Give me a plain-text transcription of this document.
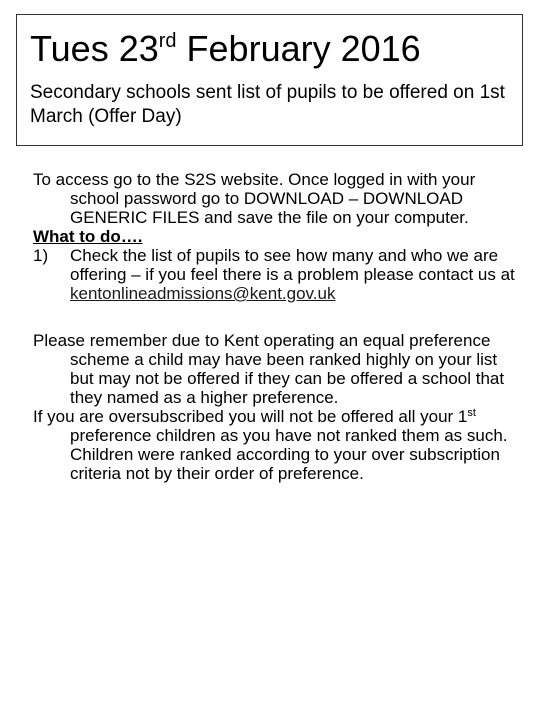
Tues 23rd February 2016
Secondary schools sent list of pupils to be offered on 1st March (Offer Day)

To access go to the S2S website. Once logged in with your school password go to DOWNLOAD – DOWNLOAD GENERIC FILES and save the file on your computer.

What to do….

1) Check the list of pupils to see how many and who we are offering – if you feel there is a problem please contact us at
kentonlineadmissions@kent.gov.uk

Please remember due to Kent operating an equal preference scheme a child may have been ranked highly on your list but may not be offered if they can be offered a school that they named as a higher preference.

If you are oversubscribed you will not be offered all your 1st preference children as you have not ranked them as such. Children were ranked according to your over subscription criteria not by their order of preference.
